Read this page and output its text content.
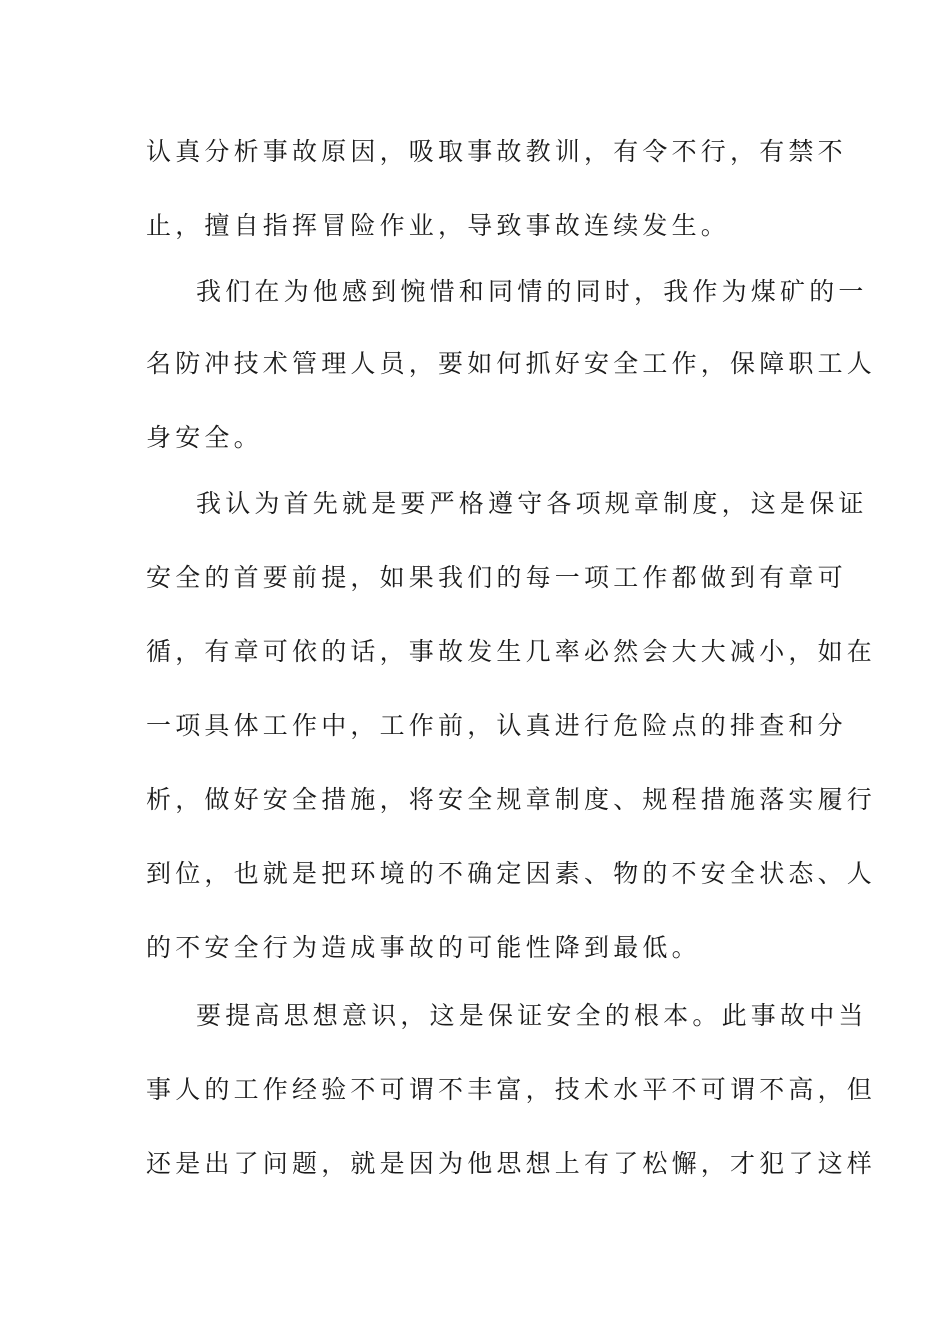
认真分析事故原因，吸取事故教训，有令不行，有禁不
止，擅自指挥冒险作业，导致事故连续发生。
我们在为他感到惋惜和同情的同时，我作为煤矿的一
名防冲技术管理人员，要如何抓好安全工作，保障职工人
身安全。
我认为首先就是要严格遵守各项规章制度，这是保证
安全的首要前提，如果我们的每一项工作都做到有章可
循，有章可依的话，事故发生几率必然会大大减小，如在
一项具体工作中，工作前，认真进行危险点的排查和分
析，做好安全措施，将安全规章制度、规程措施落实履行
到位，也就是把环境的不确定因素、物的不安全状态、人
的不安全行为造成事故的可能性降到最低。
要提高思想意识，这是保证安全的根本。此事故中当
事人的工作经验不可谓不丰富，技术水平不可谓不高，但
还是出了问题，就是因为他思想上有了松懈，才犯了这样
